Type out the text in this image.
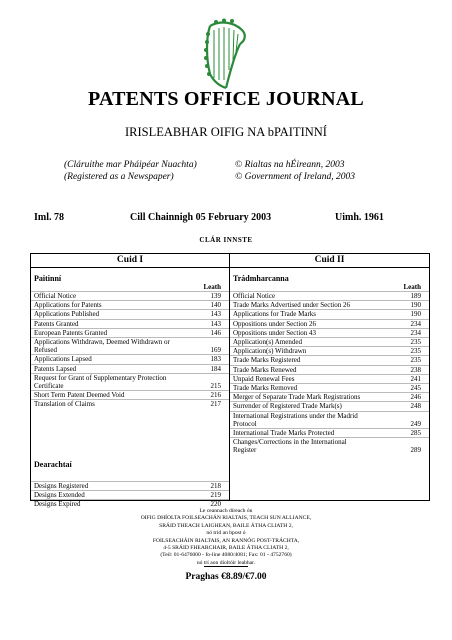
PATENTS OFFICE JOURNAL
IRISLEABHAR OIFIG NA bPAITINNÍ
(Cláruithe mar Pháipéar Nuachta)
(Registered as a Newspaper)
© Rialtas na hÉireann, 2003
© Government of Ireland, 2003
Iml. 78	Cill Chainnigh 05 February 2003	Uimh. 1961
CLÁR INNSTE
Cuid I
Paitinní
Leath
Official Notice	139
Applications for Patents	140
Applications Published	143
Patents Granted	143
European Patents Granted	146
Applications Withdrawn, Deemed Withdrawn or
Refused	169
Applications Lapsed	183
Patents Lapsed	184
Request for Grant of Supplementary Protection
Certificate	215
Short Term Patent Deemed Void	216
Translation of Claims	217
Dearachtaí
Designs Registered	218
Designs Extended	219
Designs Expired	220
Cuid II
Trádmharcanna
Leath
Official Notice	189
Trade Marks Advertised under Section 26	190
Applications for Trade Marks	190
Oppositions under Section 26	234
Oppositions under Section 43	234
Application(s) Amended	235
Application(s) Withdrawn	235
Trade Marks Registered	235
Trade Marks Renewed	238
Unpaid Renewal Fees	241
Trade Marks Removed	245
Merger of Separate Trade Mark Registrations	246
Surrender of Registered Trade Mark(s)	248
International Registrations under the Madrid
Protocol	249
International Trade Marks Protected	285
Changes/Corrections in the International
Register	289
Le ceannach díreach ón
OIFIG DHÍOLTA FOILSEACHÁN RIALTAIS, TEACH SUN ALLIANCE,
SRÁID THEACH LAIGHEAN, BAILE ÁTHA CLIATH 2,
nó tríd an bpost ó
FOILSEACHÁIN RIALTAIS, AN RANNÓG POST-TRÁCHTA,
4-5 SRÁID FHEARCHAIR, BAILE ÁTHA CLIATH 2,
(Teil: 01-6476000 - fo-líne 4080/4081; Fax: 01 - 4752760)
nó trí aon díoltóir leabhar.
Praghas €8.89/€7.00
